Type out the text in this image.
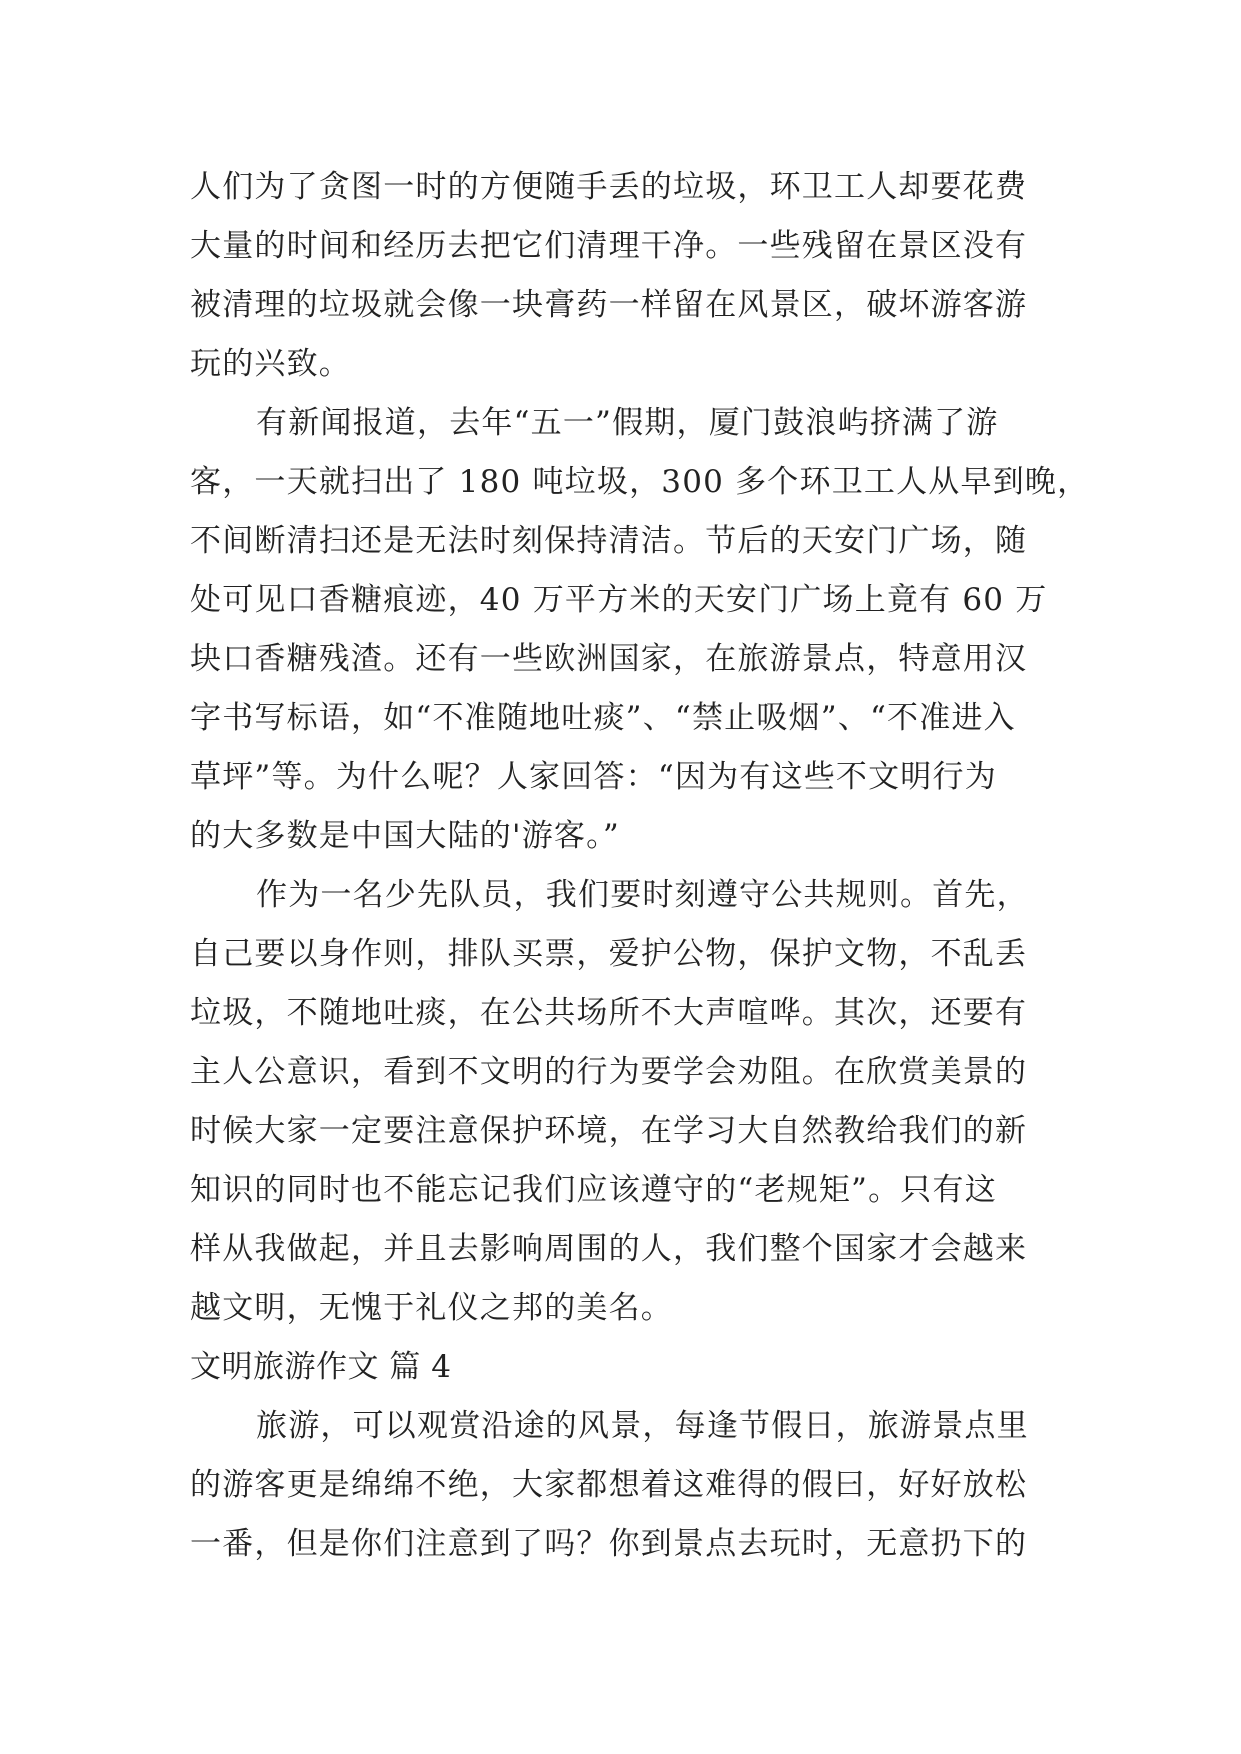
人们为了贪图一时的方便随手丢的垃圾，环卫工人却要花费
大量的时间和经历去把它们清理干净。一些残留在景区没有
被清理的垃圾就会像一块膏药一样留在风景区，破坏游客游
玩的兴致。
有新闻报道，去年“五一”假期，厦门鼓浪屿挤满了游
客，一天就扫出了 180 吨垃圾，300 多个环卫工人从早到晚，
不间断清扫还是无法时刻保持清洁。节后的天安门广场，随
处可见口香糖痕迹，40 万平方米的天安门广场上竟有 60 万
块口香糖残渣。还有一些欧洲国家，在旅游景点，特意用汉
字书写标语，如“不准随地吐痰”、“禁止吸烟”、“不准进入
草坪”等。为什么呢？人家回答：“因为有这些不文明行为
的大多数是中国大陆的'游客。”
作为一名少先队员，我们要时刻遵守公共规则。首先，
自己要以身作则，排队买票，爱护公物，保护文物，不乱丢
垃圾，不随地吐痰，在公共场所不大声喧哗。其次，还要有
主人公意识，看到不文明的行为要学会劝阻。在欣赏美景的
时候大家一定要注意保护环境，在学习大自然教给我们的新
知识的同时也不能忘记我们应该遵守的“老规矩”。只有这
样从我做起，并且去影响周围的人，我们整个国家才会越来
越文明，无愧于礼仪之邦的美名。
文明旅游作文 篇 4
旅游，可以观赏沿途的风景，每逢节假日，旅游景点里
的游客更是绵绵不绝，大家都想着这难得的假曰，好好放松
一番，但是你们注意到了吗？你到景点去玩时，无意扔下的
